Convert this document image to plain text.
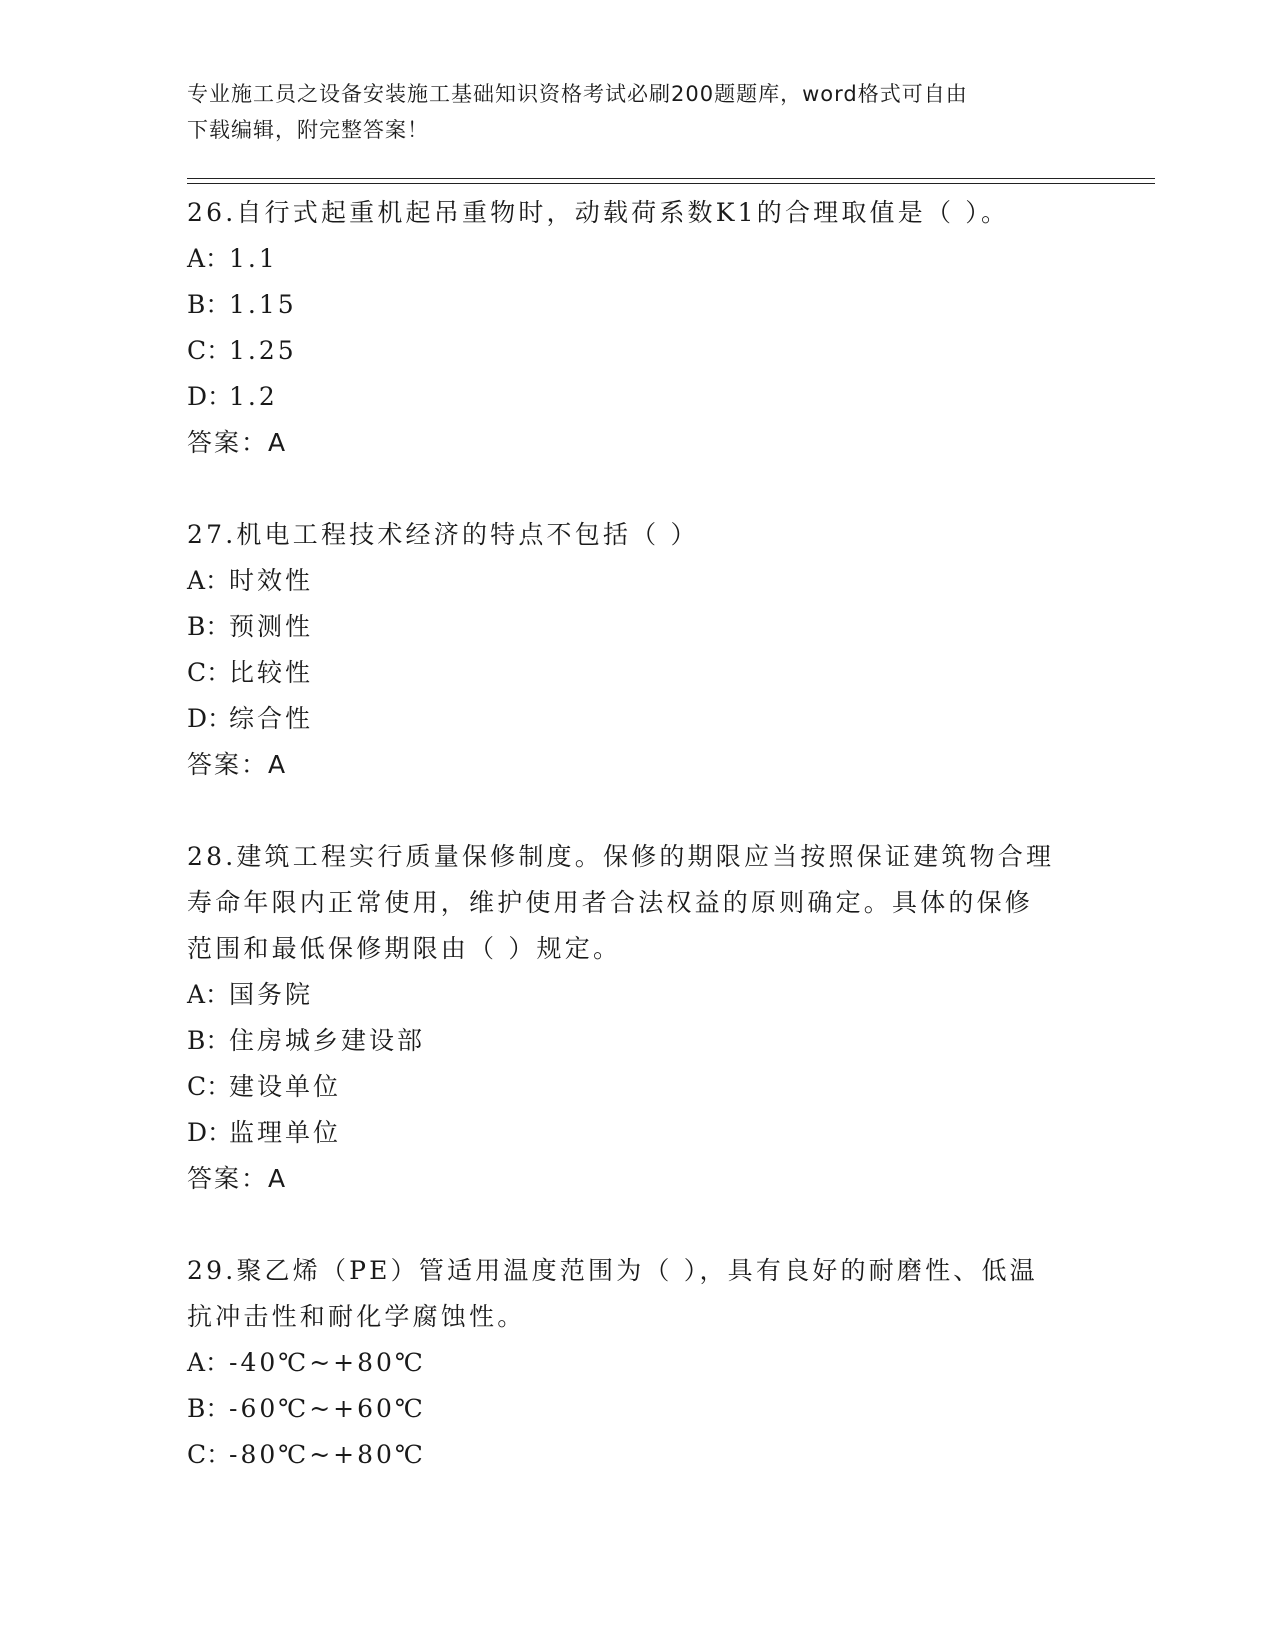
专业施工员之设备安装施工基础知识资格考试必刷200题题库，word格式可自由
下载编辑，附完整答案！
26.自行式起重机起吊重物时，动载荷系数K1的合理取值是（ ）。
A：1.1
B：1.15
C：1.25
D：1.2
答案：A
27.机电工程技术经济的特点不包括（ ）
A：时效性
B：预测性
C：比较性
D：综合性
答案：A
28.建筑工程实行质量保修制度。保修的期限应当按照保证建筑物合理
寿命年限内正常使用，维护使用者合法权益的原则确定。具体的保修
范围和最低保修期限由（ ）规定。
A：国务院
B：住房城乡建设部
C：建设单位
D：监理单位
答案：A
29.聚乙烯（PE）管适用温度范围为（ ），具有良好的耐磨性、低温
抗冲击性和耐化学腐蚀性。
A：-40℃~+80℃
B：-60℃~+60℃
C：-80℃~+80℃
